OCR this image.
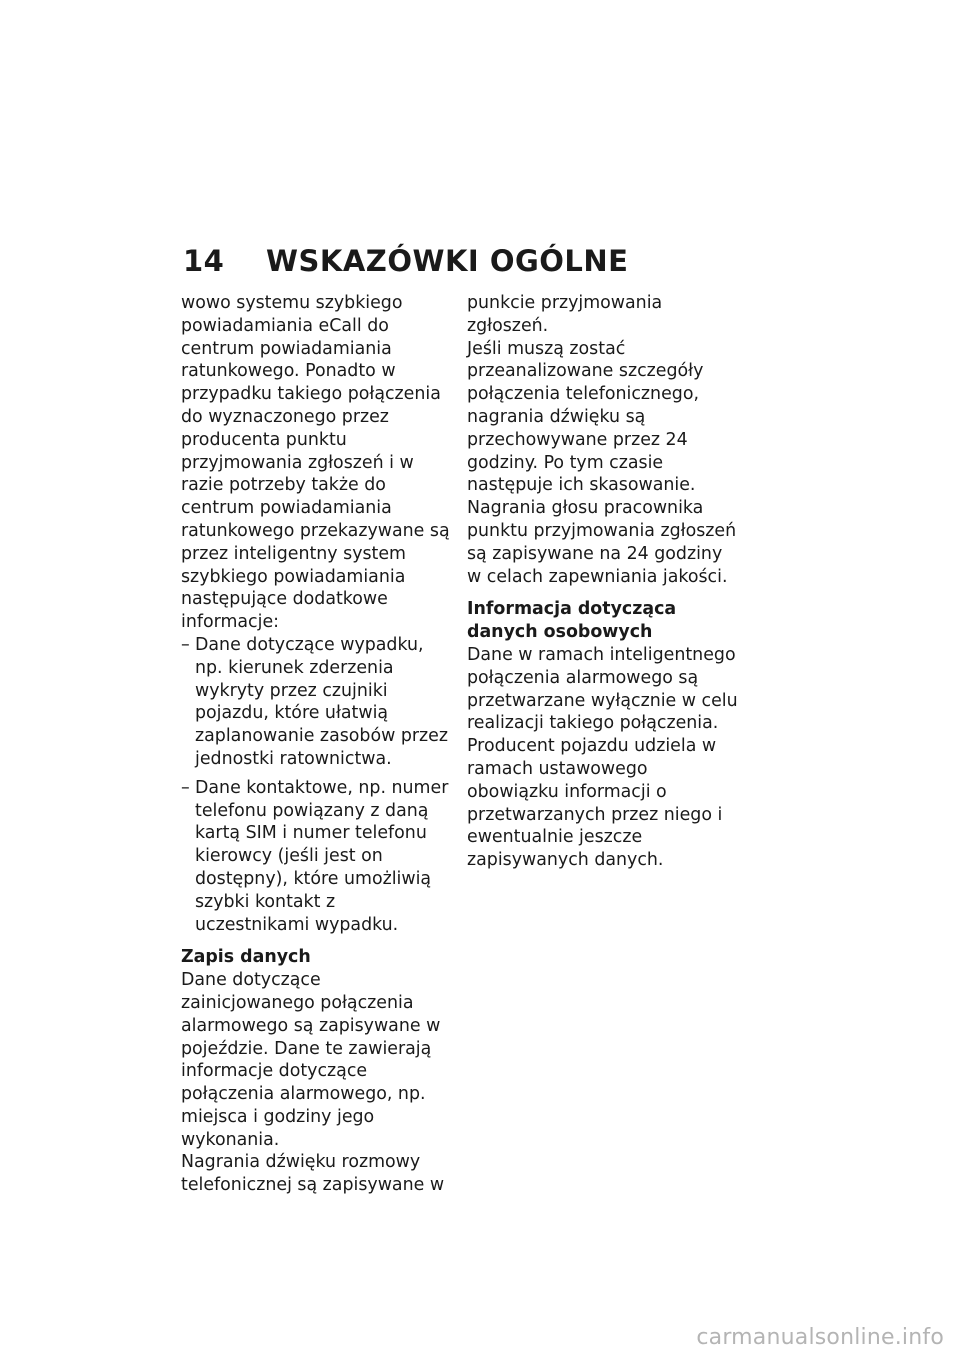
14	WSKAZÓWKI OGÓLNE

wowo systemu szybkiego powiadamiania eCall do centrum powiadamiania ratunkowego. Ponadto w przypadku takiego połączenia do wyznaczonego przez producenta punktu przyjmowania zgłoszeń i w razie potrzeby także do centrum powiadamiania ratunkowego przekazywane są przez inteligentny system szybkiego powiadamiania następujące dodatkowe informacje:

– Dane dotyczące wypadku, np. kierunek zderzenia wykryty przez czujniki pojazdu, które ułatwią zaplanowanie zasobów przez jednostki ratownictwa.
– Dane kontaktowe, np. numer telefonu powiązany z daną kartą SIM i numer telefonu kierowcy (jeśli jest on dostępny), które umożliwią szybki kontakt z uczestnikami wypadku.

Zapis danych

Dane dotyczące zainicjowanego połączenia alarmowego są zapisywane w pojeździe. Dane te zawierają informacje dotyczące połączenia alarmowego, np. miejsca i godziny jego wykonania.

Nagrania dźwięku rozmowy telefonicznej są zapisywane w

punkcie przyjmowania zgłoszeń.

Jeśli muszą zostać przeanalizowane szczegóły połączenia telefonicznego, nagrania dźwięku są przechowywane przez 24 godziny. Po tym czasie następuje ich skasowanie. Nagrania głosu pracownika punktu przyjmowania zgłoszeń są zapisywane na 24 godziny w celach zapewniania jakości.

Informacja dotycząca danych osobowych

Dane w ramach inteligentnego połączenia alarmowego są przetwarzane wyłącznie w celu realizacji takiego połączenia. Producent pojazdu udziela w ramach ustawowego obowiązku informacji o przetwarzanych przez niego i ewentualnie jeszcze zapisywanych danych.

carmanualsonline.info
